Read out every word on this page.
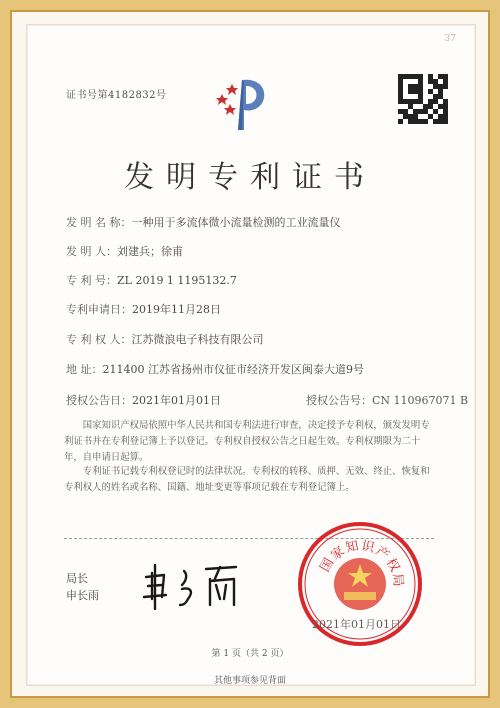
37
证书号第4182832号
发明专利证书
发 明 名 称：一种用于多流体微小流量检测的工业流量仪
发 明 人：刘建兵；徐甫
专 利 号：ZL 2019 1 1195132.7
专利申请日：2019年11月28日
专 利 权 人：江苏微浪电子科技有限公司
地 址：211400 江苏省扬州市仪征市经济开发区闽泰大道9号
授权公告日：2021年01月01日	授权公告号：CN 110967071 B
国家知识产权局依照中华人民共和国专利法进行审查，决定授予专利权，颁发发明专利证书并在专利登记簿上予以登记。专利权自授权公告之日起生效。专利权期限为二十年，自申请日起算。
专利证书记载专利权登记时的法律状况。专利权的转移、质押、无效、终止、恢复和专利权人的姓名或名称、国籍、地址变更等事项记载在专利登记簿上。
局长
申长雨
国
家
知 识
产
权
局
2021年01月01日
第 1 页（共 2 页）
其他事项参见背面
